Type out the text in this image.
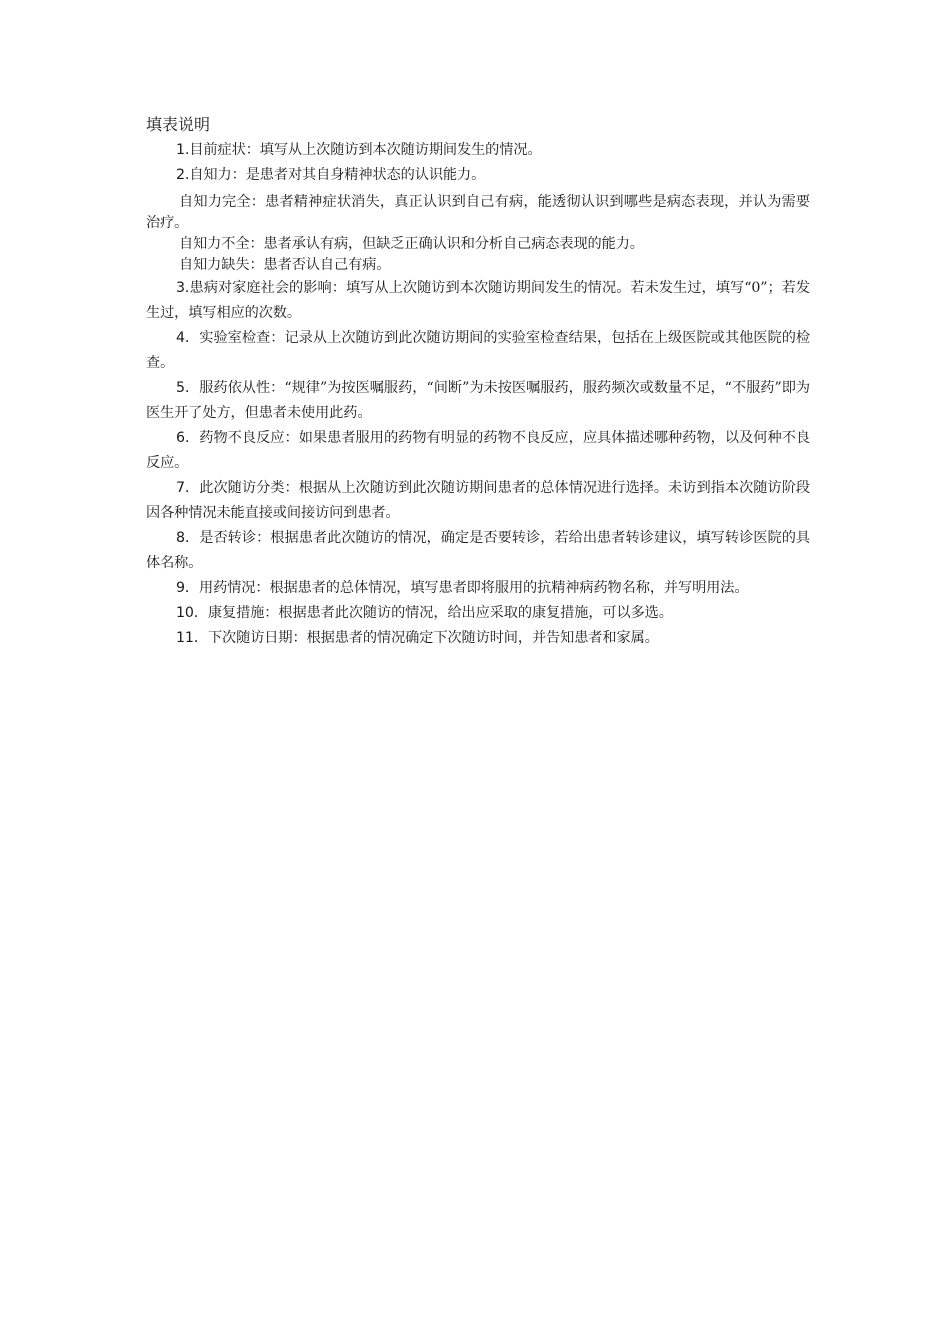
填表说明

1.目前症状：填写从上次随访到本次随访期间发生的情况。

2.自知力：是患者对其自身精神状态的认识能力。

自知力完全：患者精神症状消失，真正认识到自己有病，能透彻认识到哪些是病态表现，并认为需要治疗。

自知力不全：患者承认有病，但缺乏正确认识和分析自己病态表现的能力。

自知力缺失：患者否认自己有病。

3.患病对家庭社会的影响：填写从上次随访到本次随访期间发生的情况。若未发生过，填写“0”；若发生过，填写相应的次数。

4．实验室检查：记录从上次随访到此次随访期间的实验室检查结果，包括在上级医院或其他医院的检查。

5．服药依从性：“规律”为按医嘱服药，“间断”为未按医嘱服药，服药频次或数量不足，“不服药”即为医生开了处方，但患者未使用此药。

6．药物不良反应：如果患者服用的药物有明显的药物不良反应，应具体描述哪种药物，以及何种不良反应。

7．此次随访分类：根据从上次随访到此次随访期间患者的总体情况进行选择。未访到指本次随访阶段因各种情况未能直接或间接访问到患者。

8．是否转诊：根据患者此次随访的情况，确定是否要转诊，若给出患者转诊建议，填写转诊医院的具体名称。

9．用药情况：根据患者的总体情况，填写患者即将服用的抗精神病药物名称，并写明用法。

10．康复措施：根据患者此次随访的情况，给出应采取的康复措施，可以多选。

11．下次随访日期：根据患者的情况确定下次随访时间，并告知患者和家属。
